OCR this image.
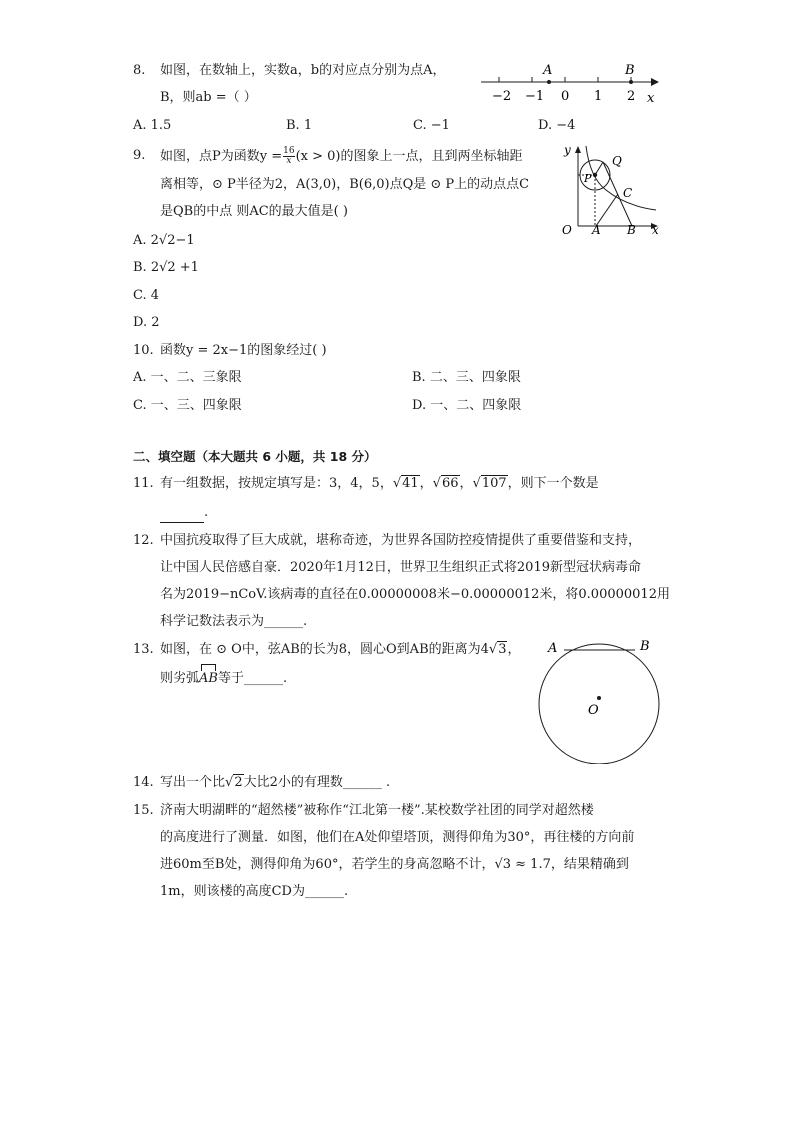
8. 如图，在数轴上，实数a，b的对应点分别为点A，
B，则ab =（ ）
A. 1.5	B. 1	C. −1	D. −4
−2 −1 0 1 2 x
A	B
9. 如图，点P为函数$y = \frac{16}{x} (x > 0)$的图象上一点，且到两坐标轴距
离相等，⊙ P半径为2，A(3,0)，B(6,0)点Q是 ⊙ P上的动点点C
是QB的中点 则AC的最大值是( )
A. 2√2−1
B. 2√2 +1
C. 4
D. 2
y
x
O A B
P
Q
C
10. 函数y = 2x−1的图象经过( )
A. 一、二、三象限	B. 二、三、四象限
C. 一、三、四象限	D. 一、二、四象限
二、填空题（本大题共 6 小题，共 18 分）
11. 有一组数据，按规定填写是：3，4，5，√41，√66，√107，则下一个数是
.
12. 中国抗疫取得了巨大成就，堪称奇迹，为世界各国防控疫情提供了重要借鉴和支持，
让中国人民倍感自豪．2020年1月12日，世界卫生组织正式将2019新型冠状病毒命
名为2019−nCoV.该病毒的直径在0.00000008米−0.00000012米，将0.00000012用
科学记数法表示为______.
13. 如图，在 ⊙ O中，弦AB的长为8，圆心O到AB的距离为4√3，
则劣弧
AB等于______.
A	B
O
14. 写出一个比√2大比2小的有理数______ .
15. 济南大明湖畔的“超然楼”被称作“江北第一楼”.某校数学社团的同学对超然楼
的高度进行了测量．如图，他们在A处仰望塔顶，测得仰角为30°，再往楼的方向前
进60m至B处，测得仰角为60°，若学生的身高忽略不计，√3 ≈ 1.7，结果精确到
1m，则该楼的高度CD为______.
